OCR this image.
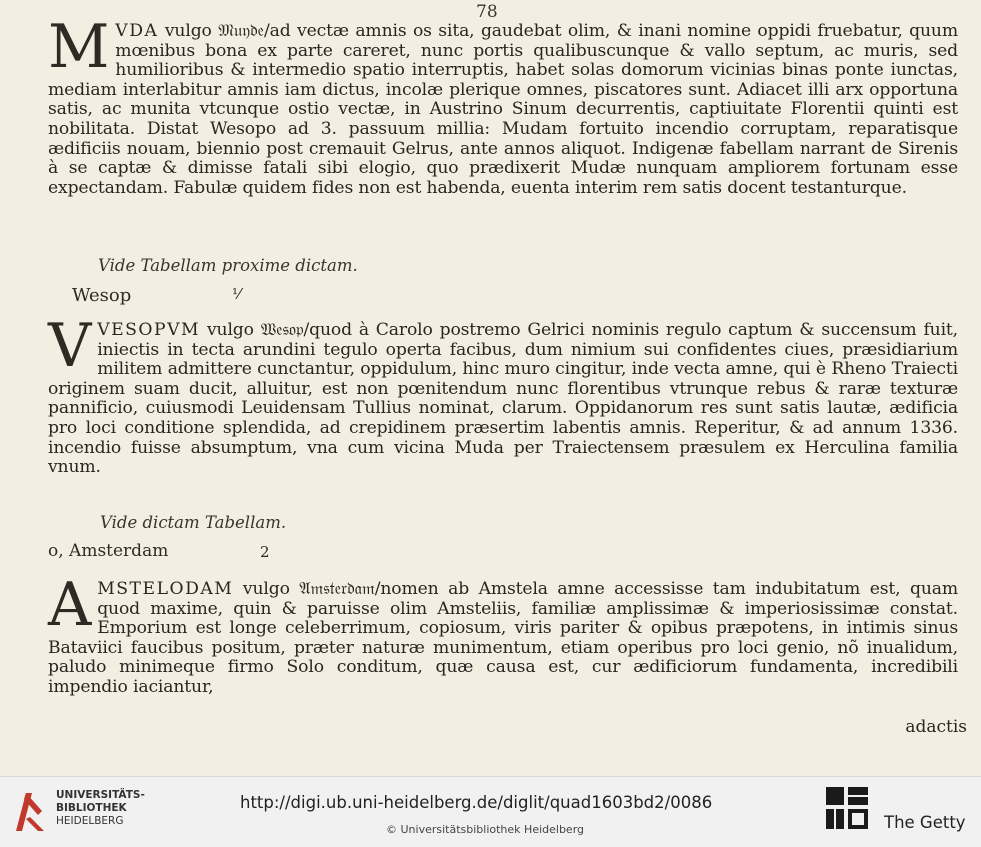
78

MVDA vulgo 𝔐𝔲𝔶𝔡𝔢/ad vectæ amnis os sita, gaudebat olim, & inani nomine oppidi fruebatur, quum mœnibus bona ex parte careret, nunc portis qualibuscunque & vallo septum, ac muris, sed humilioribus & intermedio spatio interruptis, habet solas domorum vicinias binas ponte iunctas, mediam interlabitur amnis iam dictus, incolæ plerique omnes, piscatores sunt. Adiacet illi arx opportuna satis, ac munita vtcunque ostio vectæ, in Austrino Sinum decurrentis, captiuitate Florentii quinti est nobilitata. Distat Wesopo ad 3. passuum millia: Mudam fortuito incendio corruptam, reparatisque ædificiis nouam, biennio post cremauit Gelrus, ante annos aliquot. Indigenæ fabellam narrant de Sirenis à se captæ & dimisse fatali sibi elogio, quo prædixerit Mudæ nunquam ampliorem fortunam esse expectandam. Fabulæ quidem fides non est habenda, euenta interim rem satis docent testanturque.

Vide Tabellam proxime dictam.
Wesop	⅟

VVESOPVM vulgo 𝔚𝔢𝔰𝔬𝔭/quod à Carolo postremo Gelrici nominis regulo captum & succensum fuit, iniectis in tecta arundini tegulo operta facibus, dum nimium sui confidentes ciues, præsidiarium militem admittere cunctantur, oppidulum, hinc muro cingitur, inde vecta amne, qui è Rheno Traiecti originem suam ducit, alluitur, est non pœnitendum nunc florentibus vtrunque rebus & raræ texturæ pannificio, cuiusmodi Leuidensam Tullius nominat, clarum. Oppidanorum res sunt satis lautæ, ædificia pro loci conditione splendida, ad crepidinem præsertim labentis amnis. Reperitur, & ad annum 1336. incendio fuisse absumptum, vna cum vicina Muda per Traiectensem præsulem ex Herculina familia vnum.

Vide dictam Tabellam.
o, Amsterdam	2

AMSTELODAM vulgo 𝔄𝔪𝔰𝔱𝔢𝔯𝔡𝔞𝔪/nomen ab Amstela amne accessisse tam indubitatum est, quam quod maxime, quin & paruisse olim Amsteliis, familiæ amplissimæ & imperiosissimæ constat. Emporium est longe celeberrimum, copiosum, viris pariter & opibus præpotens, in intimis sinus Bataviici faucibus positum, præter naturæ munimentum, etiam operibus pro loci genio, nõ inualidum, paludo minimeque firmo Solo conditum, quæ causa est, cur ædificiorum fundamenta, incredibili impendio iaciantur,

adactis
UNIVERSITÄTS-
BIBLIOTHEK
HEIDELBERG
http://digi.ub.uni-heidelberg.de/diglit/quad1603bd2/0086
© Universitätsbibliothek Heidelberg	The Getty
